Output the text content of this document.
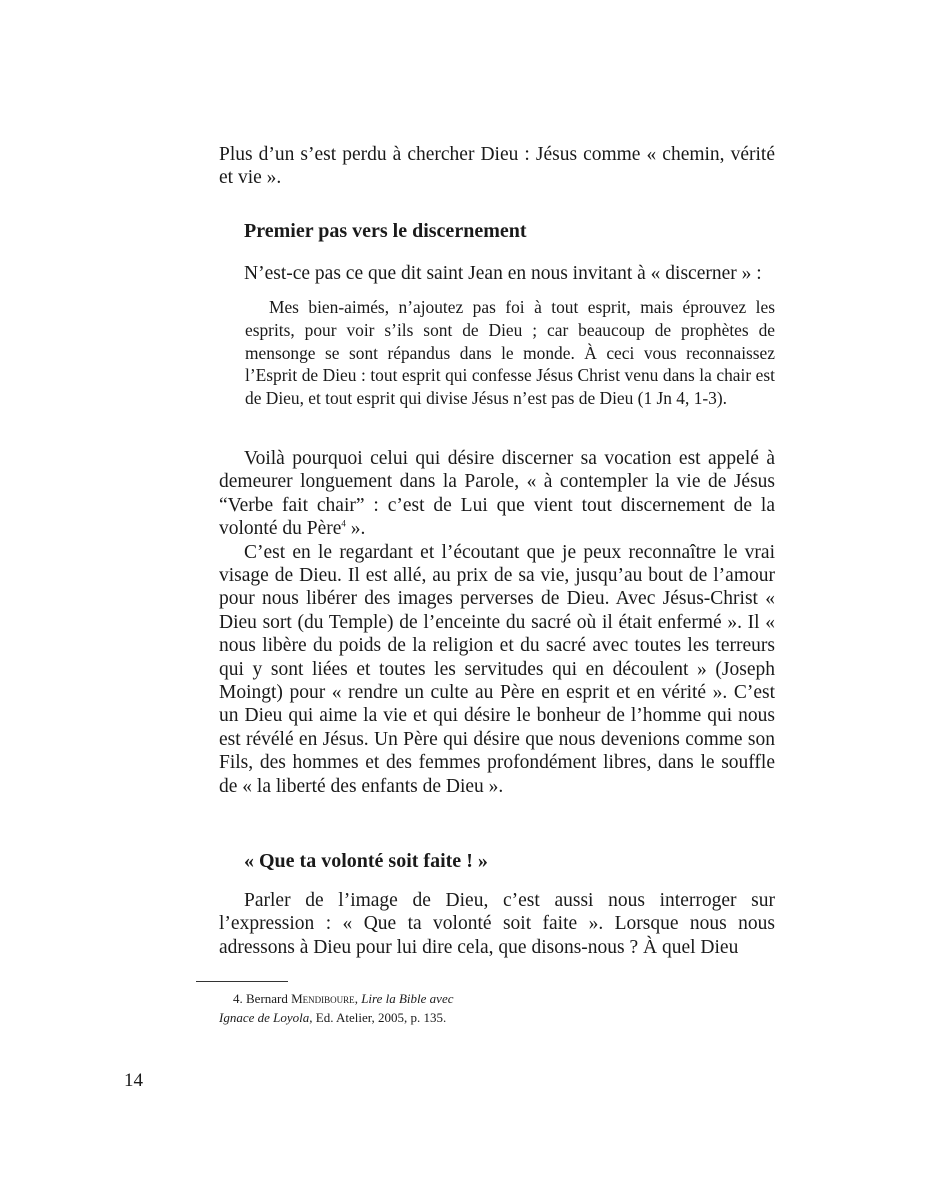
Plus d’un s’est perdu à chercher Dieu : Jésus comme « chemin, vérité et vie ».

Premier pas vers le discernement

N’est-ce pas ce que dit saint Jean en nous invitant à « discerner » :

Mes bien-aimés, n’ajoutez pas foi à tout esprit, mais éprouvez les esprits, pour voir s’ils sont de Dieu ; car beaucoup de prophètes de mensonge se sont répandus dans le monde. À ceci vous reconnaissez l’Esprit de Dieu : tout esprit qui confesse Jésus Christ venu dans la chair est de Dieu, et tout esprit qui divise Jésus n’est pas de Dieu (1 Jn 4, 1-3).

Voilà pourquoi celui qui désire discerner sa vocation est appelé à demeurer longuement dans la Parole, « à contempler la vie de Jésus “Verbe fait chair” : c’est de Lui que vient tout discernement de la volonté du Père$^4$ ».

C’est en le regardant et l’écoutant que je peux reconnaître le vrai visage de Dieu. Il est allé, au prix de sa vie, jusqu’au bout de l’amour pour nous libérer des images perverses de Dieu. Avec Jésus-Christ « Dieu sort (du Temple) de l’enceinte du sacré où il était enfermé ». Il « nous libère du poids de la religion et du sacré avec toutes les terreurs qui y sont liées et toutes les servitudes qui en découlent » (Joseph Moingt) pour « rendre un culte au Père en esprit et en vérité ». C’est un Dieu qui aime la vie et qui désire le bonheur de l’homme qui nous est révélé en Jésus. Un Père qui désire que nous devenions comme son Fils, des hommes et des femmes profondément libres, dans le souffle de « la liberté des enfants de Dieu ».

« Que ta volonté soit faite ! »

Parler de l’image de Dieu, c’est aussi nous interroger sur l’expression : « Que ta volonté soit faite ». Lorsque nous nous adressons à Dieu pour lui dire cela, que disons-nous ? À quel Dieu

4. Bernard Mendiboure, Lire la Bible avec
Ignace de Loyola, Ed. Atelier, 2005, p. 135.

14
